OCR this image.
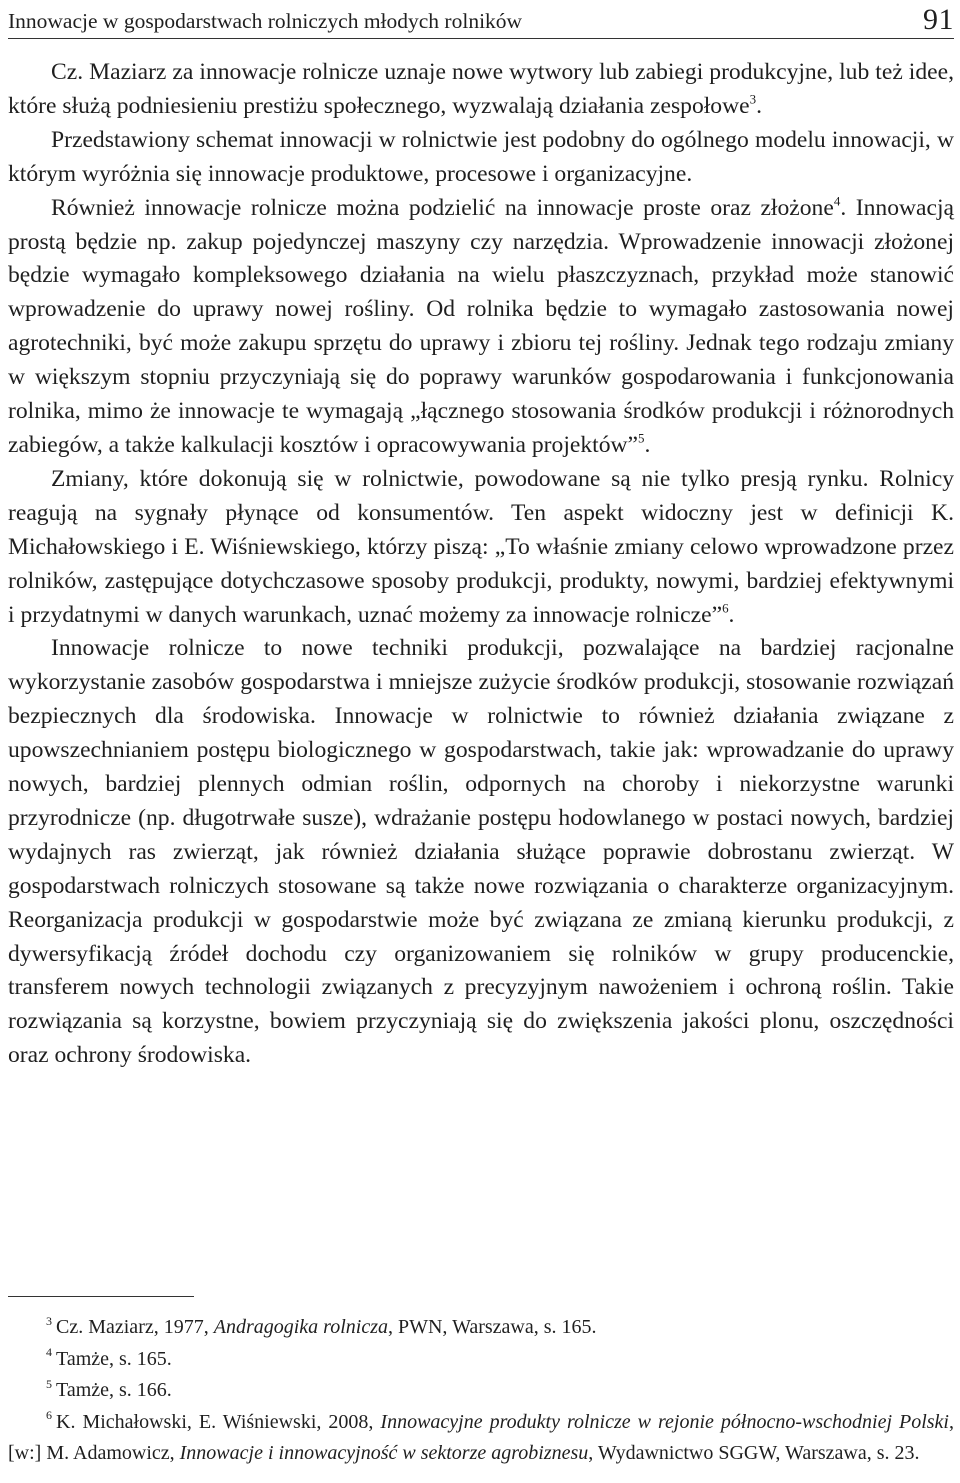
Innowacje w gospodarstwach rolniczych młodych rolników	91

Cz. Maziarz za innowacje rolnicze uznaje nowe wytwory lub zabiegi produkcyjne, lub też idee, które służą podniesieniu prestiżu społecznego, wyzwalają działania zespołowe$^3$.

Przedstawiony schemat innowacji w rolnictwie jest podobny do ogólnego modelu innowacji, w którym wyróżnia się innowacje produktowe, procesowe i organizacyjne.

Również innowacje rolnicze można podzielić na innowacje proste oraz złożone$^4$. Innowacją prostą będzie np. zakup pojedynczej maszyny czy narzędzia. Wprowadzenie innowacji złożonej będzie wymagało kompleksowego działania na wielu płaszczyznach, przykład może stanowić wprowadzenie do uprawy nowej rośliny. Od rolnika będzie to wymagało zastosowania nowej agrotechniki, być może zakupu sprzętu do uprawy i zbioru tej rośliny. Jednak tego rodzaju zmiany w większym stopniu przyczyniają się do poprawy warunków gospodarowania i funkcjonowania rolnika, mimo że innowacje te wymagają „łącznego stosowania środków produkcji i różnorodnych zabiegów, a także kalkulacji kosztów i opracowywania projektów”$^5$.

Zmiany, które dokonują się w rolnictwie, powodowane są nie tylko presją rynku. Rolnicy reagują na sygnały płynące od konsumentów. Ten aspekt widoczny jest w definicji K. Michałowskiego i E. Wiśniewskiego, którzy piszą: „To właśnie zmiany celowo wprowadzone przez rolników, zastępujące dotychczasowe sposoby produkcji, produkty, nowymi, bardziej efektywnymi i przydatnymi w danych warunkach, uznać możemy za innowacje rolnicze”$^6$.

Innowacje rolnicze to nowe techniki produkcji, pozwalające na bardziej racjonalne wykorzystanie zasobów gospodarstwa i mniejsze zużycie środków produkcji, stosowanie rozwiązań bezpiecznych dla środowiska. Innowacje w rolnictwie to również działania związane z upowszechnianiem postępu biologicznego w gospodarstwach, takie jak: wprowadzanie do uprawy nowych, bardziej plennych odmian roślin, odpornych na choroby i niekorzystne warunki przyrodnicze (np. długotrwałe susze), wdrażanie postępu hodowlanego w postaci nowych, bardziej wydajnych ras zwierząt, jak również działania służące poprawie dobrostanu zwierząt. W gospodarstwach rolniczych stosowane są także nowe rozwiązania o charakterze organizacyjnym. Reorganizacja produkcji w gospodarstwie może być związana ze zmianą kierunku produkcji, z dywersyfikacją źródeł dochodu czy organizowaniem się rolników w grupy producenckie, transferem nowych technologii związanych z precyzyjnym nawożeniem i ochroną roślin. Takie rozwiązania są korzystne, bowiem przyczyniają się do zwiększenia jakości plonu, oszczędności oraz ochrony środowiska.

$^3$ Cz. Maziarz, 1977, Andragogika rolnicza, PWN, Warszawa, s. 165.

$^4$ Tamże, s. 165.

$^5$ Tamże, s. 166.

$^6$ K. Michałowski, E. Wiśniewski, 2008, Innowacyjne produkty rolnicze w rejonie północno-wschodniej Polski, [w:] M. Adamowicz, Innowacje i innowacyjność w sektorze agrobiznesu, Wydawnictwo SGGW, Warszawa, s. 23.
